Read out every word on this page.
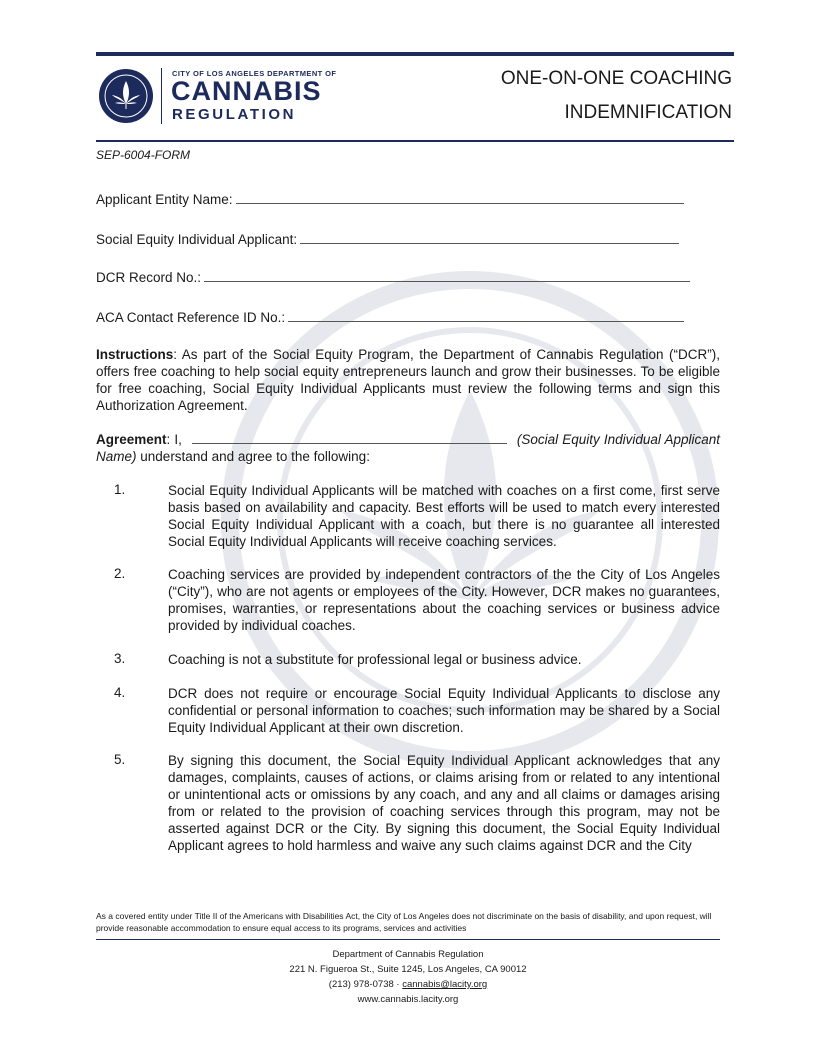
CITY OF LOS ANGELES DEPARTMENT OF
CANNABIS
REGULATION
ONE-ON-ONE COACHING
INDEMNIFICATION
SEP-6004-FORM
Applicant Entity Name:
Social Equity Individual Applicant:
DCR Record No.:
ACA Contact Reference ID No.:
Instructions: As part of the Social Equity Program, the Department of Cannabis Regulation (“DCR”), offers free coaching to help social equity entrepreneurs launch and grow their businesses. To be eligible for free coaching, Social Equity Individual Applicants must review the following terms and sign this Authorization Agreement.
Agreement: I,	(Social Equity Individual Applicant Name) understand and agree to the following:
1.	Social Equity Individual Applicants will be matched with coaches on a first come, first serve basis based on availability and capacity. Best efforts will be used to match every interested Social Equity Individual Applicant with a coach, but there is no guarantee all interested Social Equity Individual Applicants will receive coaching services.
2.	Coaching services are provided by independent contractors of the the City of Los Angeles (“City”), who are not agents or employees of the City. However, DCR makes no guarantees, promises, warranties, or representations about the coaching services or business advice provided by individual coaches.
3.	Coaching is not a substitute for professional legal or business advice.
4.	DCR does not require or encourage Social Equity Individual Applicants to disclose any confidential or personal information to coaches; such information may be shared by a Social Equity Individual Applicant at their own discretion.
5.	By signing this document, the Social Equity Individual Applicant acknowledges that any damages, complaints, causes of actions, or claims arising from or related to any intentional or unintentional acts or omissions by any coach, and any and all claims or damages arising from or related to the provision of coaching services through this program, may not be asserted against DCR or the City. By signing this document, the Social Equity Individual Applicant agrees to hold harmless and waive any such claims against DCR and the City
As a covered entity under Title II of the Americans with Disabilities Act, the City of Los Angeles does not discriminate on the basis of disability, and upon request, will provide reasonable accommodation to ensure equal access to its programs, services and activities
Department of Cannabis Regulation
221 N. Figueroa St., Suite 1245, Los Angeles, CA 90012
(213) 978-0738 · cannabis@lacity.org
www.cannabis.lacity.org
